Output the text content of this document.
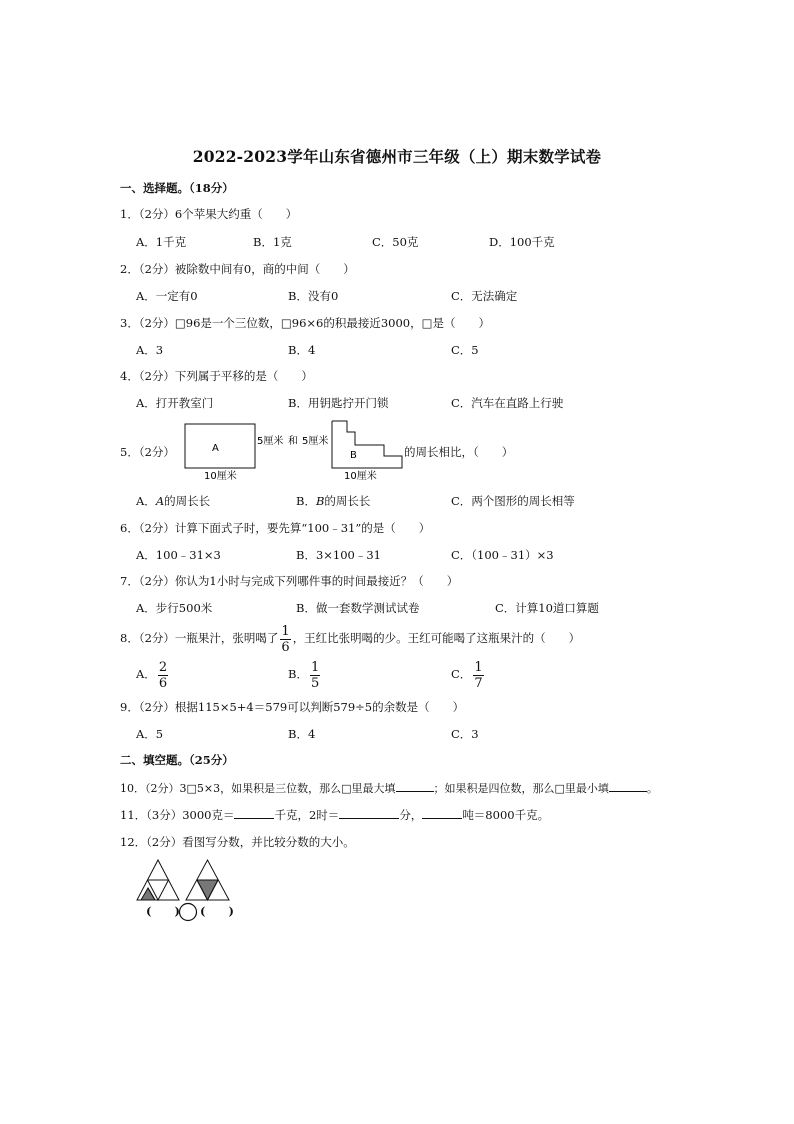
2022-2023学年山东省德州市三年级（上）期末数学试卷
一、选择题。（18分）
1．（2分）6个苹果大约重（　　）
A．1千克	B．1克	C．50克	D．100千克
2．（2分）被除数中间有0，商的中间（　　）
A．一定有0	B．没有0	C．无法确定
3．（2分）□96是一个三位数，□96×6的积最接近3000，□是（　　）
A．3	B．4	C．5
4．（2分）下列属于平移的是（　　）
A．打开教室门	B．用钥匙拧开门锁	C．汽车在直路上行驶
5．（2分）	A
5厘米 和 5厘米
10厘米
B
10厘米
的周长相比，（　　）
A．A的周长长	B．B的周长长	C．两个图形的周长相等
6．（2分）计算下面式子时，要先算“100﹣31”的是（　　）
A．100﹣31×3	B．3×100﹣31	C．（100﹣31）×3
7．（2分）你认为1小时与完成下列哪件事的时间最接近？（　　）
A．步行500米	B．做一套数学测试试卷	C．计算10道口算题
8．（2分）一瓶果汁，张明喝了 $\frac{1}{6}$ ，王红比张明喝的少。王红可能喝了这瓶果汁的（　　）
A． $\frac{2}{6}$	B． $\frac{1}{5}$	C． $\frac{1}{7}$
9．（2分）根据115×5+4＝579可以判断579÷5的余数是（　　）
A．5	B．4	C．3
二、填空题。（25分）
10．（2分）3□5×3，如果积是三位数，那么□里最大填	；如果积是四位数，那么□里最小填	。
11．（3分）3000克＝	千克，2时＝	分，	吨＝8000千克。
12．（2分）看图写分数，并比较分数的大小。
(　　) (　　)
